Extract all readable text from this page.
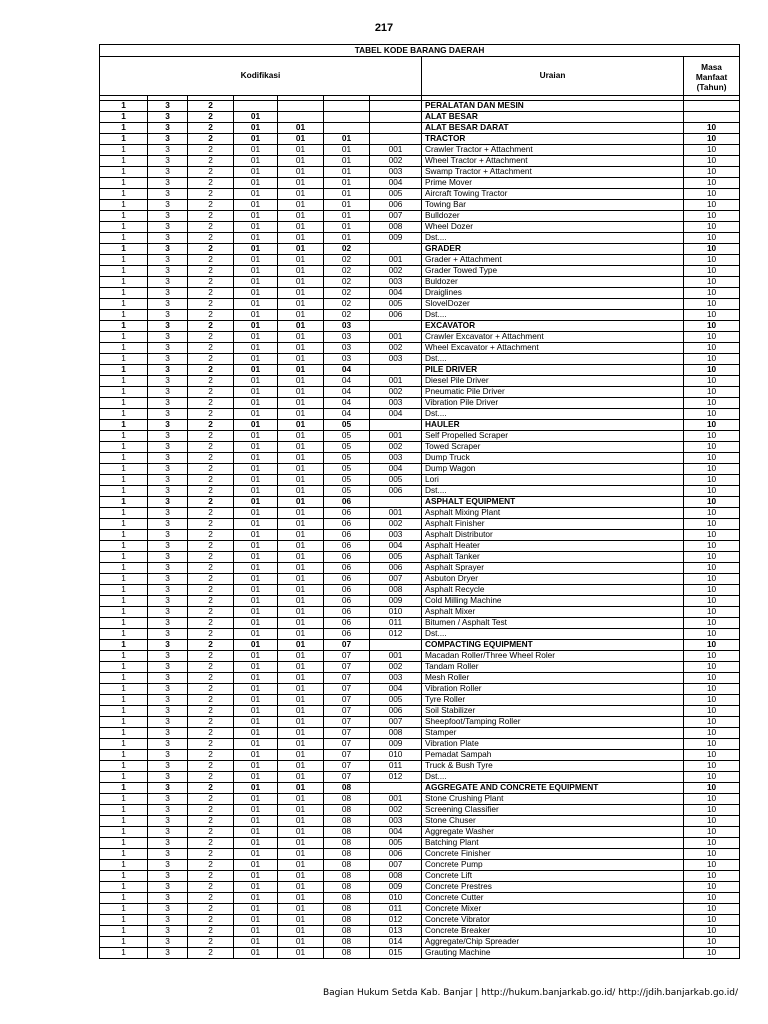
217
TABEL KODE BARANG DAERAH								
Kodifikasi							Uraian	Masa
Manfaat
(Tahun)

1	3	2					PERALATAN DAN MESIN	
1	3	2	01				ALAT BESAR	
1	3	2	01	01			ALAT BESAR DARAT	10
1	3	2	01	01	01		TRACTOR	10
1	3	2	01	01	01	001	Crawler Tractor + Attachment	10
1	3	2	01	01	01	002	Wheel Tractor + Attachment	10
1	3	2	01	01	01	003	Swamp Tractor + Attachment	10
1	3	2	01	01	01	004	Prime Mover	10
1	3	2	01	01	01	005	Aircraft Towing Tractor	10
1	3	2	01	01	01	006	Towing Bar	10
1	3	2	01	01	01	007	Bulldozer	10
1	3	2	01	01	01	008	Wheel Dozer	10
1	3	2	01	01	01	009	Dst....	10
1	3	2	01	01	02		GRADER	10
1	3	2	01	01	02	001	Grader + Attachment	10
1	3	2	01	01	02	002	Grader Towed Type	10
1	3	2	01	01	02	003	Buldozer	10
1	3	2	01	01	02	004	Draiglines	10
1	3	2	01	01	02	005	SlovelDozer	10
1	3	2	01	01	02	006	Dst....	10
1	3	2	01	01	03		EXCAVATOR	10
1	3	2	01	01	03	001	Crawler Excavator + Attachment	10
1	3	2	01	01	03	002	Wheel Excavator + Attachment	10
1	3	2	01	01	03	003	Dst....	10
1	3	2	01	01	04		PILE DRIVER	10
1	3	2	01	01	04	001	Diesel Pile Driver	10
1	3	2	01	01	04	002	Pneumatic Pile Driver	10
1	3	2	01	01	04	003	Vibration Pile Driver	10
1	3	2	01	01	04	004	Dst....	10
1	3	2	01	01	05		HAULER	10
1	3	2	01	01	05	001	Self Propelled Scraper	10
1	3	2	01	01	05	002	Towed Scraper	10
1	3	2	01	01	05	003	Dump Truck	10
1	3	2	01	01	05	004	Dump Wagon	10
1	3	2	01	01	05	005	Lori	10
1	3	2	01	01	05	006	Dst....	10
1	3	2	01	01	06		ASPHALT EQUIPMENT	10
1	3	2	01	01	06	001	Asphalt Mixing Plant	10
1	3	2	01	01	06	002	Asphalt Finisher	10
1	3	2	01	01	06	003	Asphalt Distributor	10
1	3	2	01	01	06	004	Asphalt Heater	10
1	3	2	01	01	06	005	Asphalt Tanker	10
1	3	2	01	01	06	006	Asphalt Sprayer	10
1	3	2	01	01	06	007	Asbuton Dryer	10
1	3	2	01	01	06	008	Asphalt Recycle	10
1	3	2	01	01	06	009	Cold Milling Machine	10
1	3	2	01	01	06	010	Asphalt Mixer	10
1	3	2	01	01	06	011	Bitumen / Asphalt Test	10
1	3	2	01	01	06	012	Dst....	10
1	3	2	01	01	07		COMPACTING EQUIPMENT	10
1	3	2	01	01	07	001	Macadan Roller/Three Wheel Roler	10
1	3	2	01	01	07	002	Tandam Roller	10
1	3	2	01	01	07	003	Mesh Roller	10
1	3	2	01	01	07	004	Vibration Roller	10
1	3	2	01	01	07	005	Tyre Roller	10
1	3	2	01	01	07	006	Soil Stabilizer	10
1	3	2	01	01	07	007	Sheepfoot/Tamping Roller	10
1	3	2	01	01	07	008	Stamper	10
1	3	2	01	01	07	009	Vibration Plate	10
1	3	2	01	01	07	010	Pemadat Sampah	10
1	3	2	01	01	07	011	Truck & Bush Tyre	10
1	3	2	01	01	07	012	Dst....	10
1	3	2	01	01	08		AGGREGATE AND CONCRETE EQUIPMENT	10
1	3	2	01	01	08	001	Stone Crushing Plant	10
1	3	2	01	01	08	002	Screening Classifier	10
1	3	2	01	01	08	003	Stone Chuser	10
1	3	2	01	01	08	004	Aggregate Washer	10
1	3	2	01	01	08	005	Batching Plant	10
1	3	2	01	01	08	006	Concrete Finisher	10
1	3	2	01	01	08	007	Concrete Pump	10
1	3	2	01	01	08	008	Concrete Lift	10
1	3	2	01	01	08	009	Concrete Prestres	10
1	3	2	01	01	08	010	Concrete Cutter	10
1	3	2	01	01	08	011	Concrete Mixer	10
1	3	2	01	01	08	012	Concrete Vibrator	10
1	3	2	01	01	08	013	Concrete Breaker	10
1	3	2	01	01	08	014	Aggregate/Chip Spreader	10
1	3	2	01	01	08	015	Grauting Machine	10
Bagian Hukum Setda Kab. Banjar | http://hukum.banjarkab.go.id/ http://jdih.banjarkab.go.id/
